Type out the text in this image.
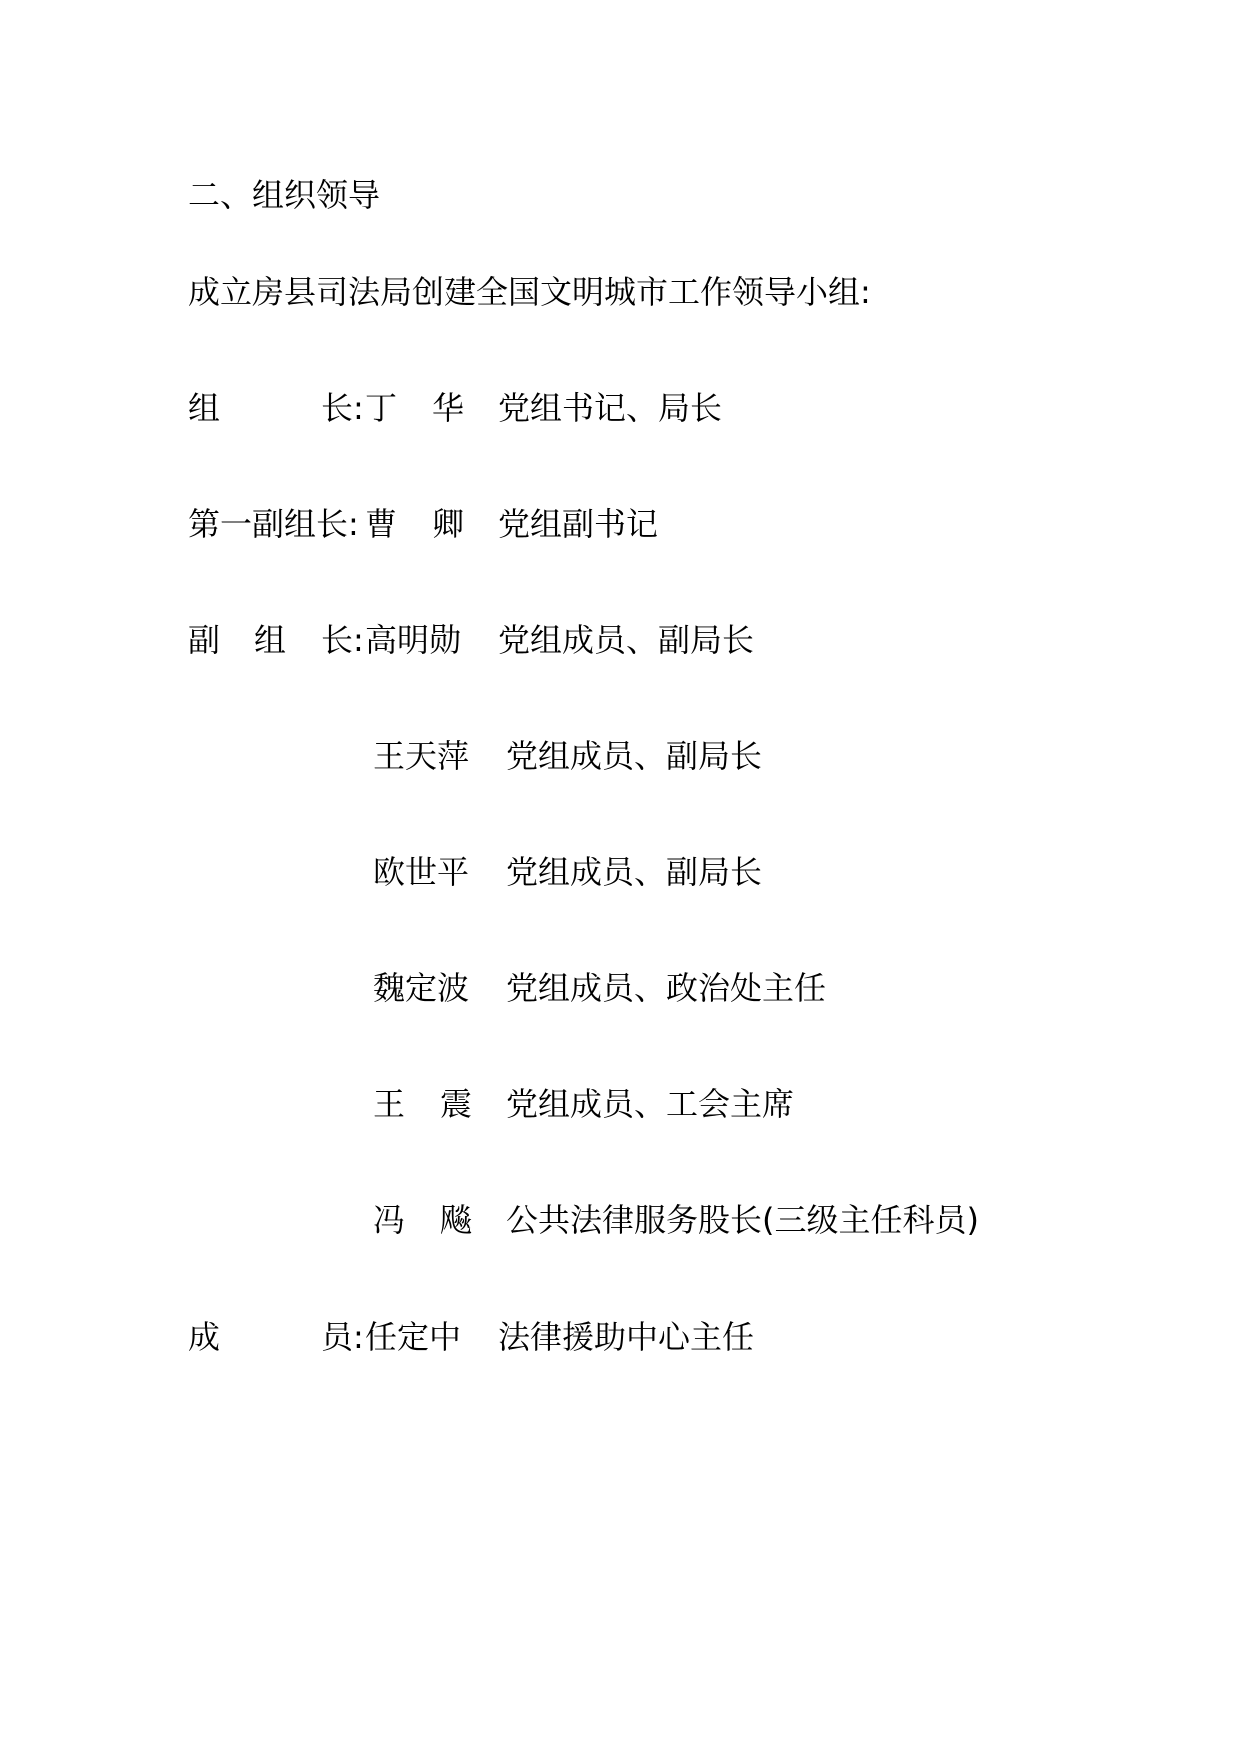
二、组织领导
成立房县司法局创建全国文明城市工作领导小组:
组	长: 丁 华 党组书记、局长
第一副组长: 曹 卿 党组副书记
副 组 长: 高明勋 党组成员、副局长
王天萍 党组成员、副局长
欧世平 党组成员、副局长
魏定波 党组成员、政治处主任
王 震 党组成员、工会主席
冯 飚 公共法律服务股长(三级主任科员)
成	员: 任定中 法律援助中心主任
